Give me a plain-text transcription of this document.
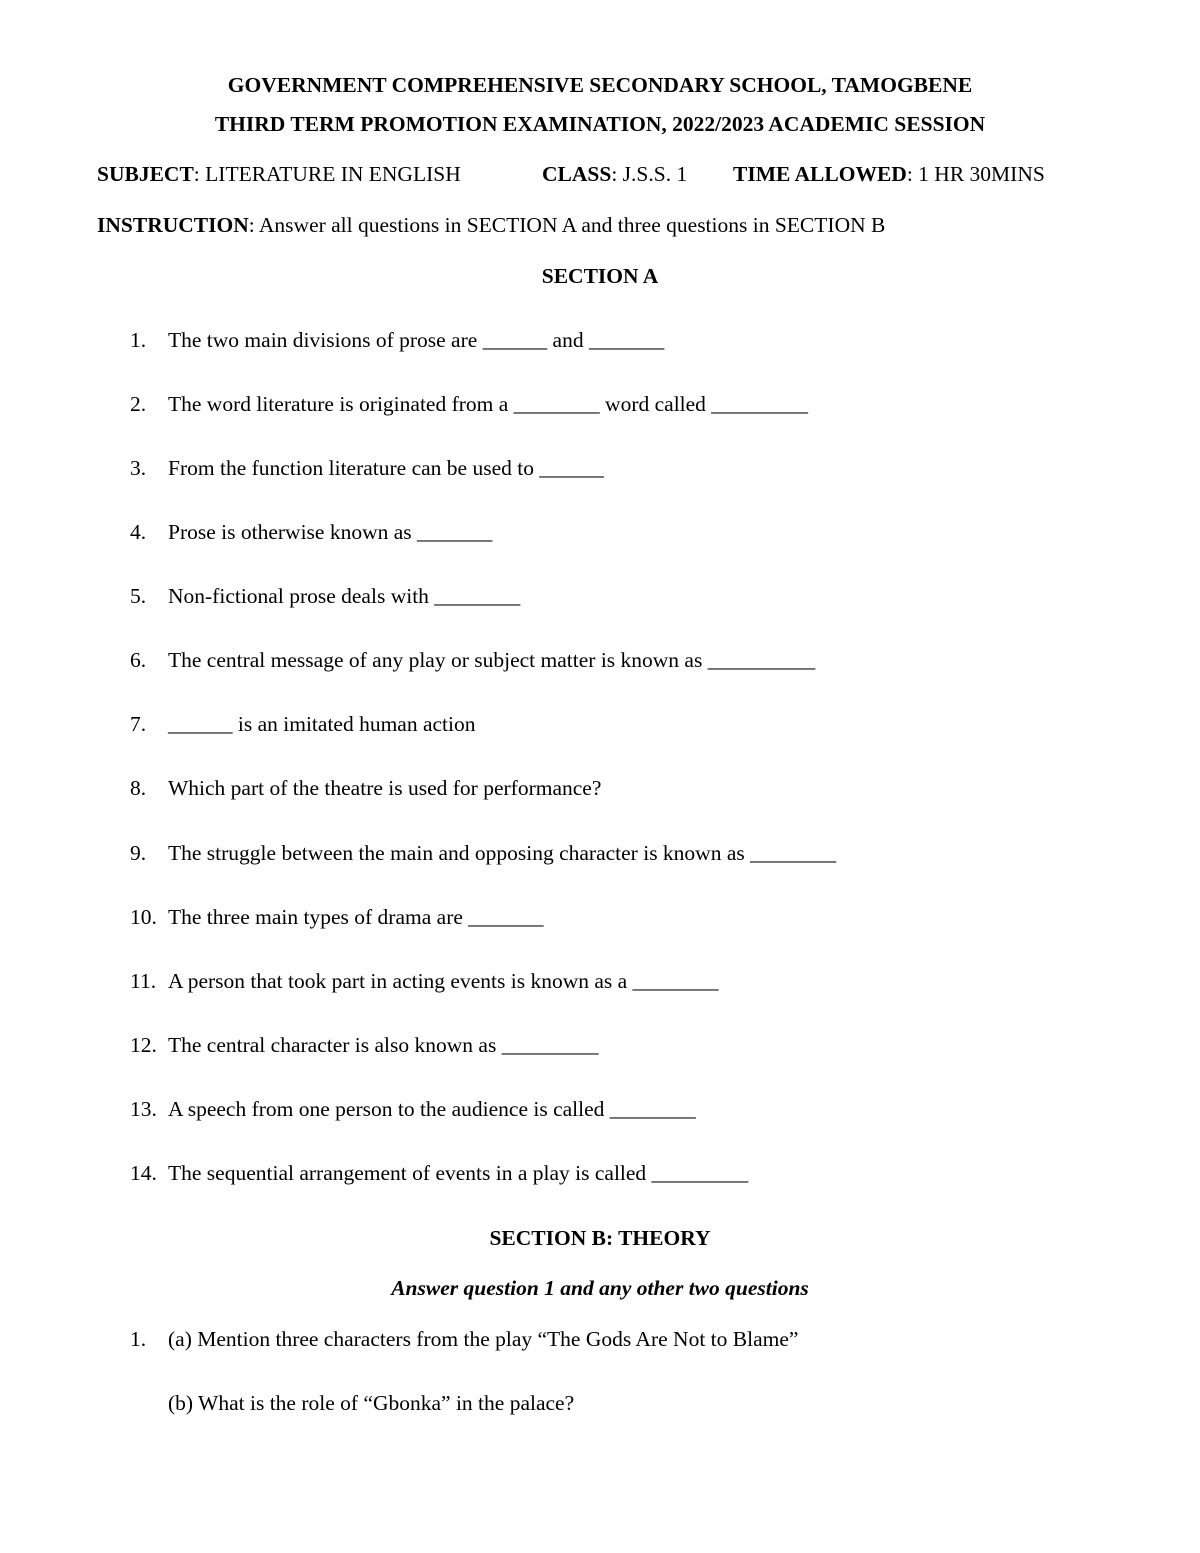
GOVERNMENT COMPREHENSIVE SECONDARY SCHOOL, TAMOGBENE
THIRD TERM PROMOTION EXAMINATION, 2022/2023 ACADEMIC SESSION
SUBJECT: LITERATURE IN ENGLISH	CLASS: J.S.S. 1 TIME ALLOWED: 1 HR 30MINS
INSTRUCTION: Answer all questions in SECTION A and three questions in SECTION B
SECTION A
1. The two main divisions of prose are ______ and _______
2. The word literature is originated from a ________ word called _________
3. From the function literature can be used to ______
4. Prose is otherwise known as _______
5. Non-fictional prose deals with ________
6. The central message of any play or subject matter is known as __________
7. ______ is an imitated human action
8. Which part of the theatre is used for performance?
9. The struggle between the main and opposing character is known as ________
10. The three main types of drama are _______
11. A person that took part in acting events is known as a ________
12. The central character is also known as _________
13. A speech from one person to the audience is called ________
14. The sequential arrangement of events in a play is called _________
SECTION B: THEORY
Answer question 1 and any other two questions
1. (a) Mention three characters from the play “The Gods Are Not to Blame”
(b) What is the role of “Gbonka” in the palace?
